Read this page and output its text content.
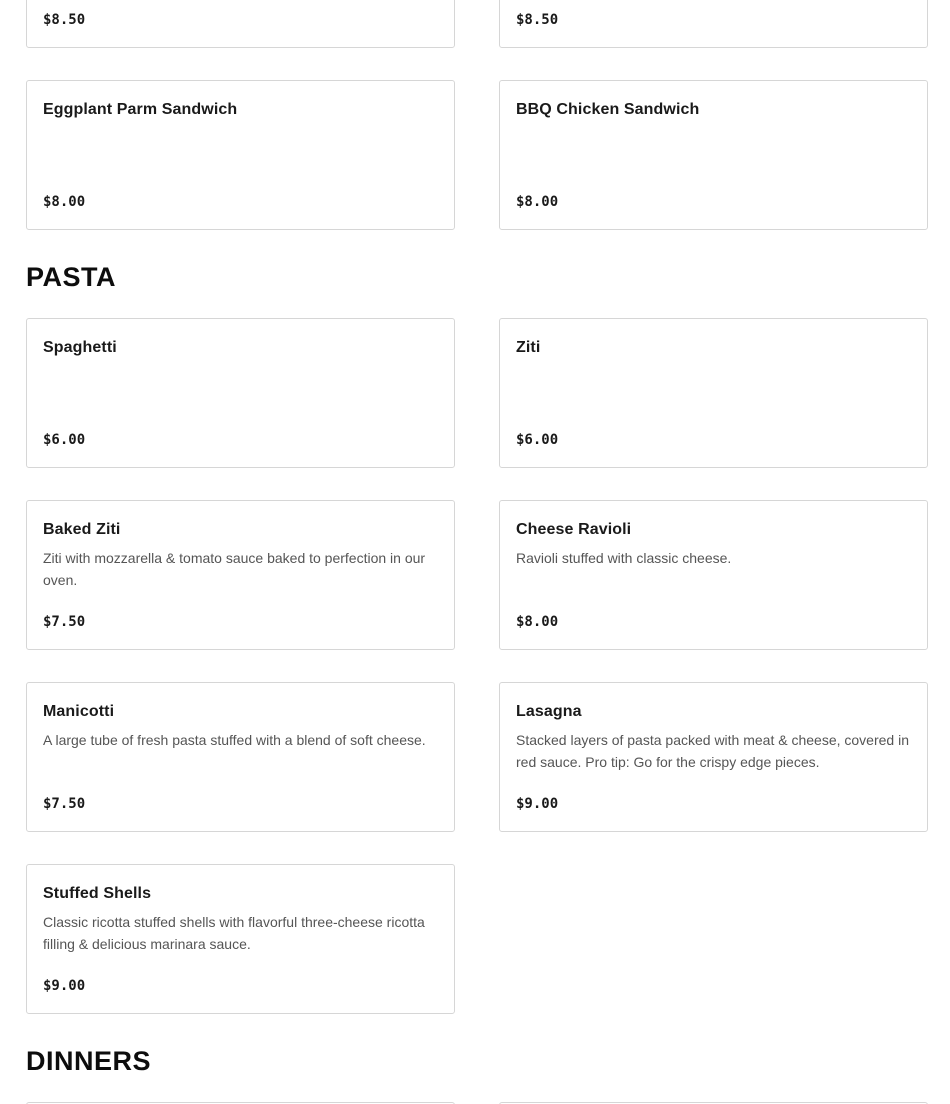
$8.50	$8.50
Eggplant Parm Sandwich
$8.00
BBQ Chicken Sandwich
$8.00
PASTA
Spaghetti
$6.00
Ziti
$6.00
Baked Ziti
Ziti with mozzarella & tomato sauce baked to perfection in our oven.
$7.50
Cheese Ravioli
Ravioli stuffed with classic cheese.
$8.00
Manicotti
A large tube of fresh pasta stuffed with a blend of soft cheese.
$7.50
Lasagna
Stacked layers of pasta packed with meat & cheese, covered in red sauce. Pro tip: Go for the crispy edge pieces.
$9.00
Stuffed Shells
Classic ricotta stuffed shells with flavorful three-cheese ricotta filling & delicious marinara sauce.
$9.00
DINNERS
